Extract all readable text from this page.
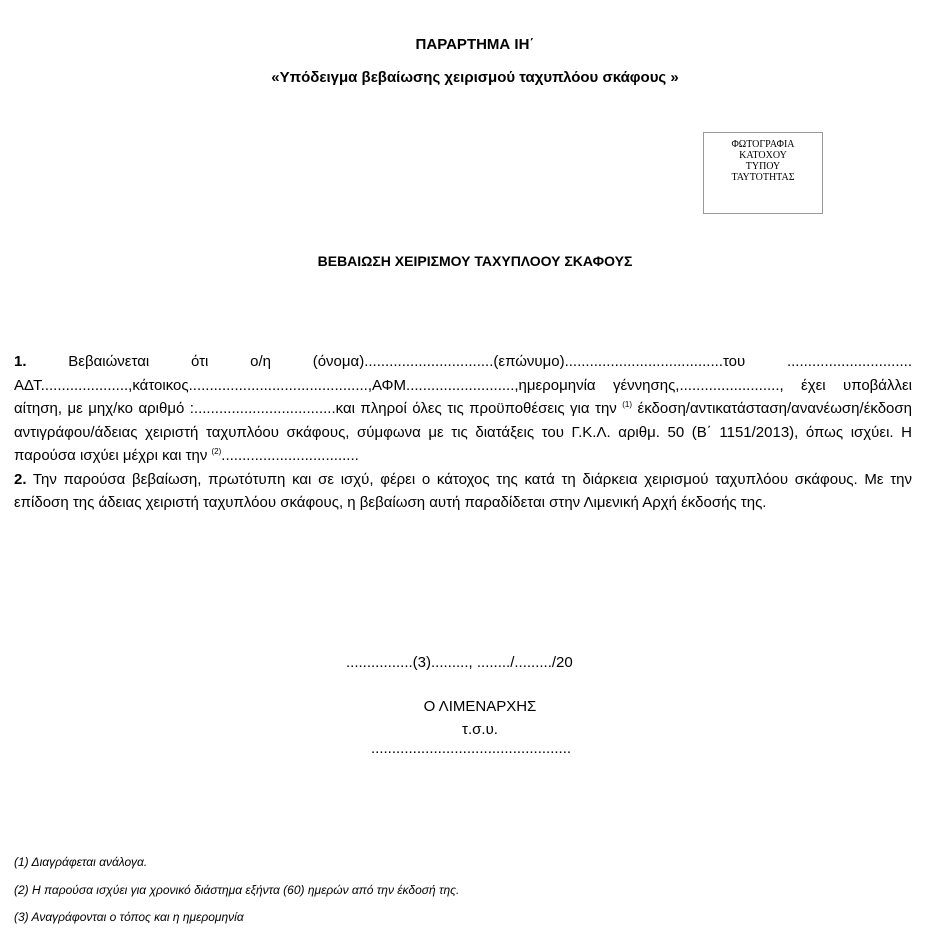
ΠΑΡΑΡΤΗΜΑ ΙΗ΄
«Υπόδειγμα βεβαίωσης χειρισμού ταχυπλόου σκάφους »
ΦΩΤΟΓΡΑΦΙΑ
ΚΑΤΟΧΟΥ
ΤΥΠΟΥ
ΤΑΥΤΟΤΗΤΑΣ
ΒΕΒΑΙΩΣΗ ΧΕΙΡΙΣΜΟΥ ΤΑΧΥΠΛΟΟΥ ΣΚΑΦΟΥΣ

1. Βεβαιώνεται ότι ο/η (όνομα)...............................(επώνυμο)......................................του .............................. ΑΔΤ.....................,κάτοικος...........................................,ΑΦΜ..........................,ημερομηνία γέννησης,........................, έχει υποβάλλει αίτηση, με μηχ/κο αριθμό :..................................και πληροί όλες τις προϋποθέσεις για την $^{(1)}$ έκδοση/αντικατάσταση/ανανέωση/έκδοση αντιγράφου/άδειας χειριστή ταχυπλόου σκάφους, σύμφωνα με τις διατάξεις του Γ.Κ.Λ. αριθμ. 50 (Β΄ 1151/2013), όπως ισχύει. Η παρούσα ισχύει μέχρι και την $^{(2)}$.................................

2. Την παρούσα βεβαίωση, πρωτότυπη και σε ισχύ, φέρει ο κάτοχος της κατά τη διάρκεια χειρισμού ταχυπλόου σκάφους. Με την επίδοση της άδειας χειριστή ταχυπλόου σκάφους, η βεβαίωση αυτή παραδίδεται στην Λιμενική Αρχή έκδοσής της.

................(3)........., ......../........./20
Ο ΛΙΜΕΝΑΡΧΗΣ
τ.σ.υ.
................................................
(1) Διαγράφεται ανάλογα.
(2) Η παρούσα ισχύει για χρονικό διάστημα εξήντα (60) ημερών από την έκδοσή της.
(3) Αναγράφονται ο τόπος και η ημερομηνία
